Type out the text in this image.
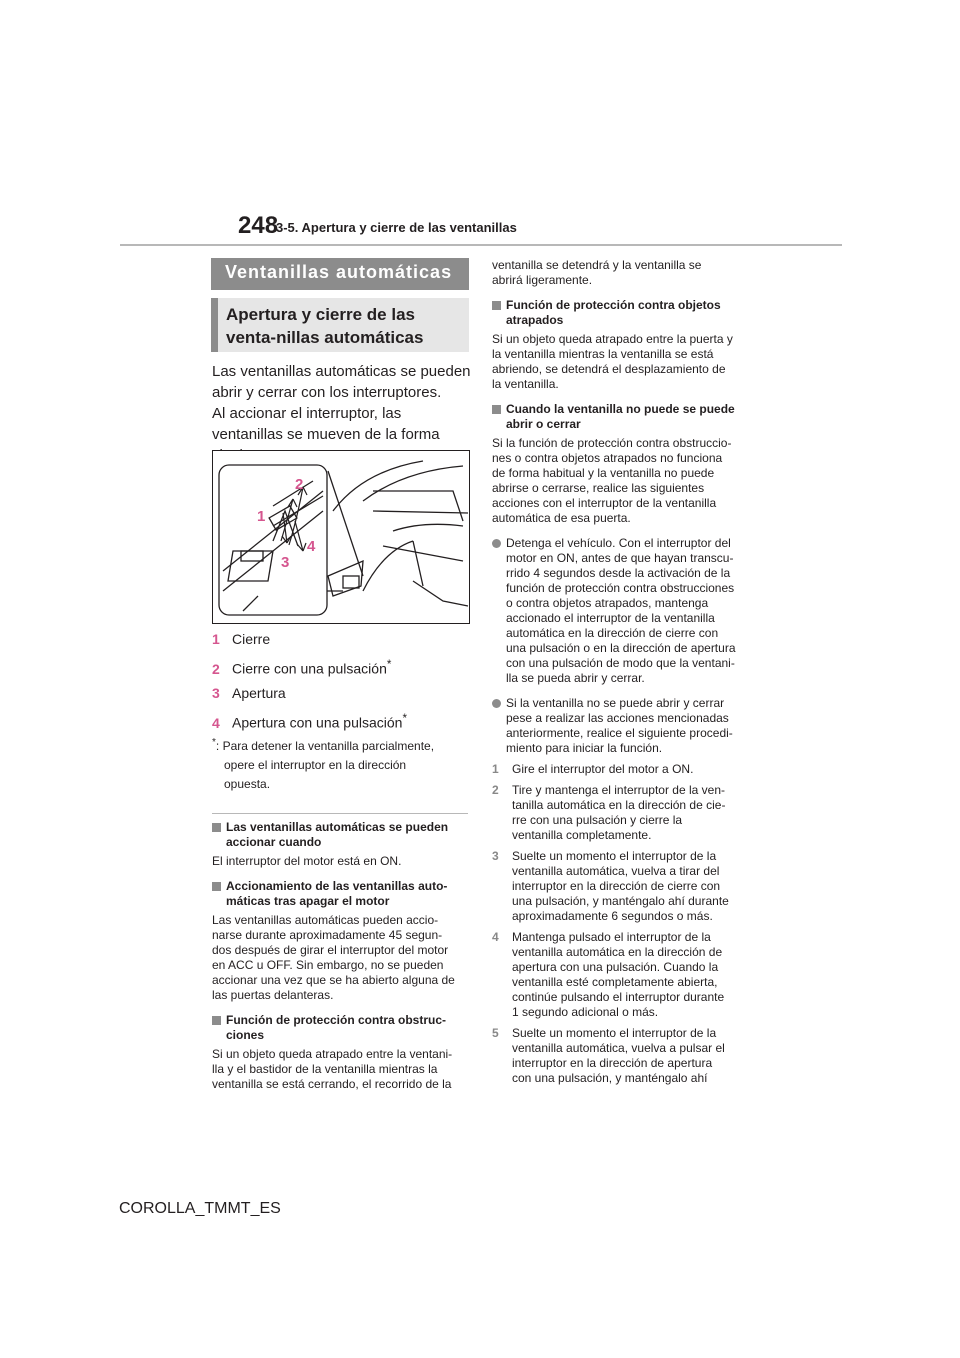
248
3-5. Apertura y cierre de las ventanillas
Ventanillas automáticas
Apertura y cierre de las venta-nillas automáticas
Las ventanillas automáticas se pueden abrir y cerrar con los interruptores.
Al accionar el interruptor, las ventanillas se mueven de la forma
1
2
3
4
1 Cierre
2 Cierre con una pulsación*
3 Apertura
4 Apertura con una pulsación*
*: Para detener la ventanilla parcialmente,
opere el interruptor en la dirección
opuesta.
Las ventanillas automáticas se pueden
accionar cuando
El interruptor del motor está en ON.
Accionamiento de las ventanillas auto-
máticas tras apagar el motor
Las ventanillas automáticas pueden accio-
narse durante aproximadamente 45 segun-
dos después de girar el interruptor del motor
en ACC u OFF. Sin embargo, no se pueden
accionar una vez que se ha abierto alguna de
las puertas delanteras.
Función de protección contra obstruc-
ciones
Si un objeto queda atrapado entre la ventani-
lla y el bastidor de la ventanilla mientras la
ventanilla se está cerrando, el recorrido de la
ventanilla se detendrá y la ventanilla se
abrirá ligeramente.
Función de protección contra objetos
atrapados
Si un objeto queda atrapado entre la puerta y
la ventanilla mientras la ventanilla se está
abriendo, se detendrá el desplazamiento de
la ventanilla.
Cuando la ventanilla no puede se puede
abrir o cerrar
Si la función de protección contra obstruccio-
nes o contra objetos atrapados no funciona
de forma habitual y la ventanilla no puede
abrirse o cerrarse, realice las siguientes
acciones con el interruptor de la ventanilla
automática de esa puerta.
Detenga el vehículo. Con el interruptor del
motor en ON, antes de que hayan transcu-
rrido 4 segundos desde la activación de la
función de protección contra obstrucciones
o contra objetos atrapados, mantenga
accionado el interruptor de la ventanilla
automática en la dirección de cierre con
una pulsación o en la dirección de apertura
con una pulsación de modo que la ventani-
lla se pueda abrir y cerrar.
Si la ventanilla no se puede abrir y cerrar
pese a realizar las acciones mencionadas
anteriormente, realice el siguiente procedi-
miento para iniciar la función.
1 Gire el interruptor del motor a ON.
2 Tire y mantenga el interruptor de la ven-
tanilla automática en la dirección de cie-
rre con una pulsación y cierre la
ventanilla completamente.
3 Suelte un momento el interruptor de la
ventanilla automática, vuelva a tirar del
interruptor en la dirección de cierre con
una pulsación, y manténgalo ahí durante
aproximadamente 6 segundos o más.
4 Mantenga pulsado el interruptor de la
ventanilla automática en la dirección de
apertura con una pulsación. Cuando la
ventanilla esté completamente abierta,
continúe pulsando el interruptor durante
1 segundo adicional o más.
5 Suelte un momento el interruptor de la
ventanilla automática, vuelva a pulsar el
interruptor en la dirección de apertura
con una pulsación, y manténgalo ahí
COROLLA_TMMT_ES
